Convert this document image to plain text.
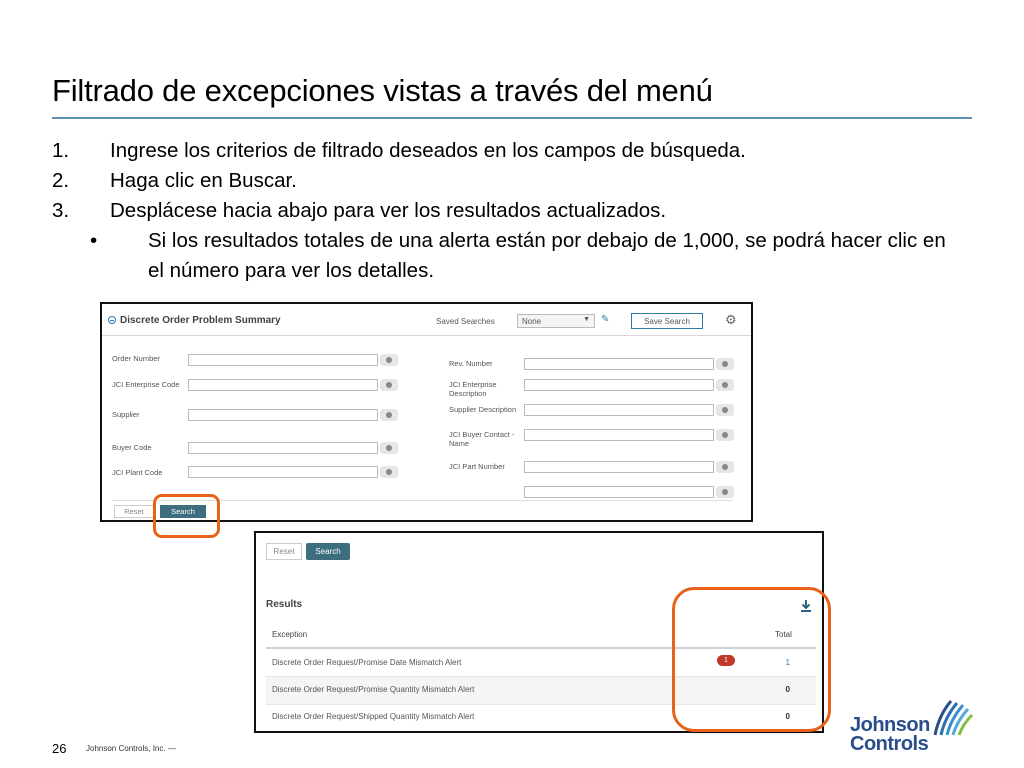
Filtrado de excepciones vistas a través del menú
1.	Ingrese los criterios de filtrado deseados en los campos de búsqueda.
2.	Haga clic en Buscar.
3.	Desplácese hacia abajo para ver los resultados actualizados.
•	Si los resultados totales de una alerta están por debajo de 1,000, se podrá hacer clic en el número para ver los detalles.
Discrete Order Problem Summary	Saved Searches	None	▼ ✎	Save Search	⚙
Order Number
JCI Enterprise Code
Supplier
Buyer Code
JCI Plant Code
Rev. Number
JCI Enterprise Description
Supplier Description
JCI Buyer Contact - Name
JCI Part Number
Reset	Search
Reset	Search
Results
Exception	Total
Discrete Order Request/Promise Date Mismatch Alert	1	1
Discrete Order Request/Promise Quantity Mismatch Alert	0
Discrete Order Request/Shipped Quantity Mismatch Alert	0
26 Johnson Controls, Inc. —
Johnson
Controls
